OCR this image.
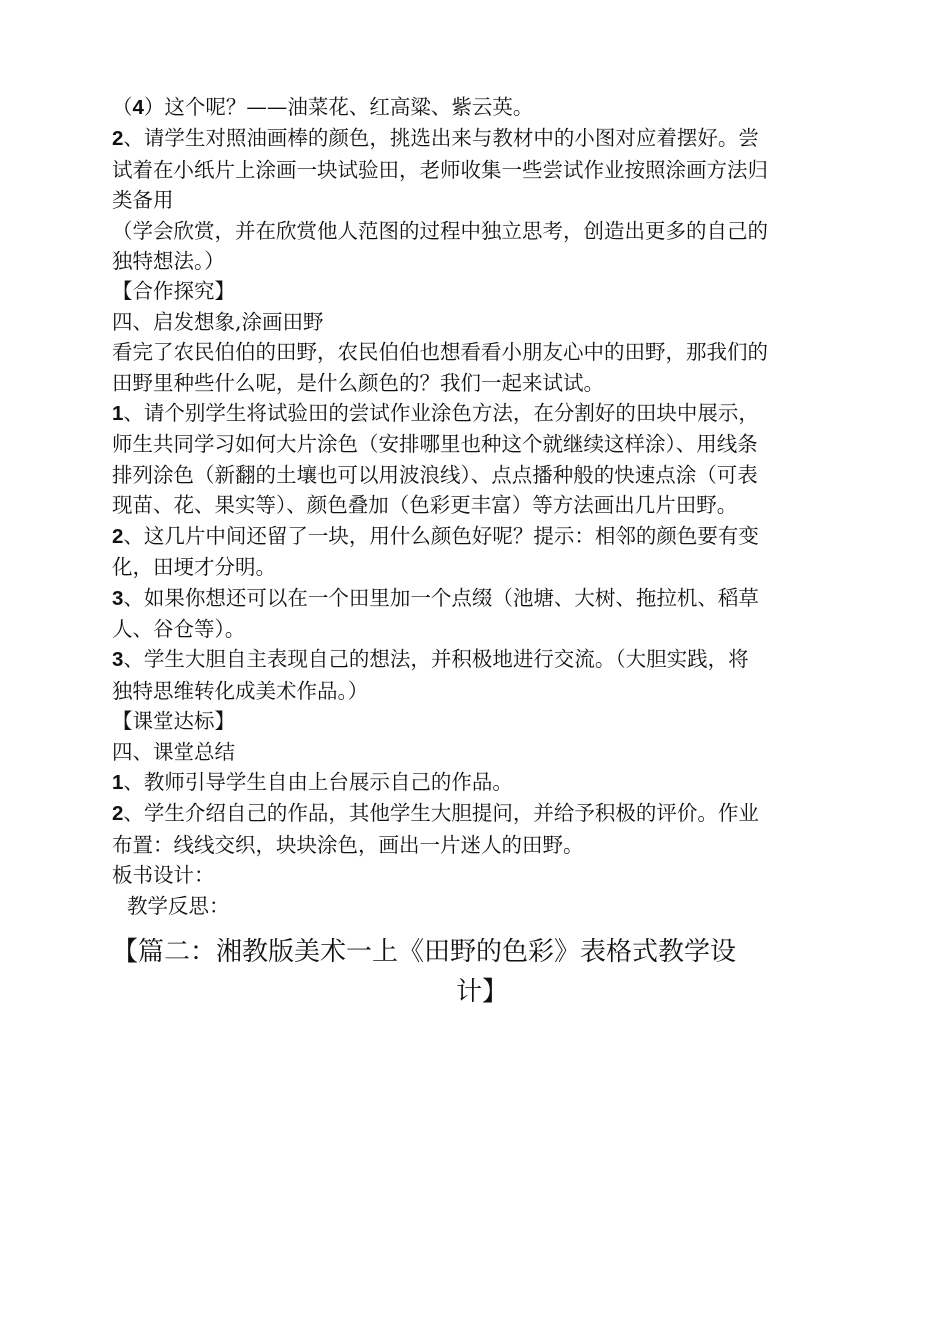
（4）这个呢？——油菜花、红高粱、紫云英。
2、请学生对照油画棒的颜色，挑选出来与教材中的小图对应着摆好。尝
试着在小纸片上涂画一块试验田，老师收集一些尝试作业按照涂画方法归
类备用
（学会欣赏，并在欣赏他人范图的过程中独立思考，创造出更多的自己的
独特想法。）
【合作探究】
四、启发想象,涂画田野
看完了农民伯伯的田野，农民伯伯也想看看小朋友心中的田野，那我们的
田野里种些什么呢，是什么颜色的？我们一起来试试。
1、请个别学生将试验田的尝试作业涂色方法，在分割好的田块中展示，
师生共同学习如何大片涂色（安排哪里也种这个就继续这样涂）、用线条
排列涂色（新翻的土壤也可以用波浪线）、点点播种般的快速点涂（可表
现苗、花、果实等）、颜色叠加（色彩更丰富）等方法画出几片田野。
2、这几片中间还留了一块，用什么颜色好呢？提示：相邻的颜色要有变
化，田埂才分明。
3、如果你想还可以在一个田里加一个点缀（池塘、大树、拖拉机、稻草
人、谷仓等）。
3、学生大胆自主表现自己的想法，并积极地进行交流。（大胆实践，将
独特思维转化成美术作品。）
【课堂达标】
四、课堂总结
1、教师引导学生自由上台展示自己的作品。
2、学生介绍自己的作品，其他学生大胆提问，并给予积极的评价。作业
布置：线线交织，块块涂色，画出一片迷人的田野。
板书设计：
教学反思：
【篇二：湘教版美术一上《田野的色彩》表格式教学设
计】
